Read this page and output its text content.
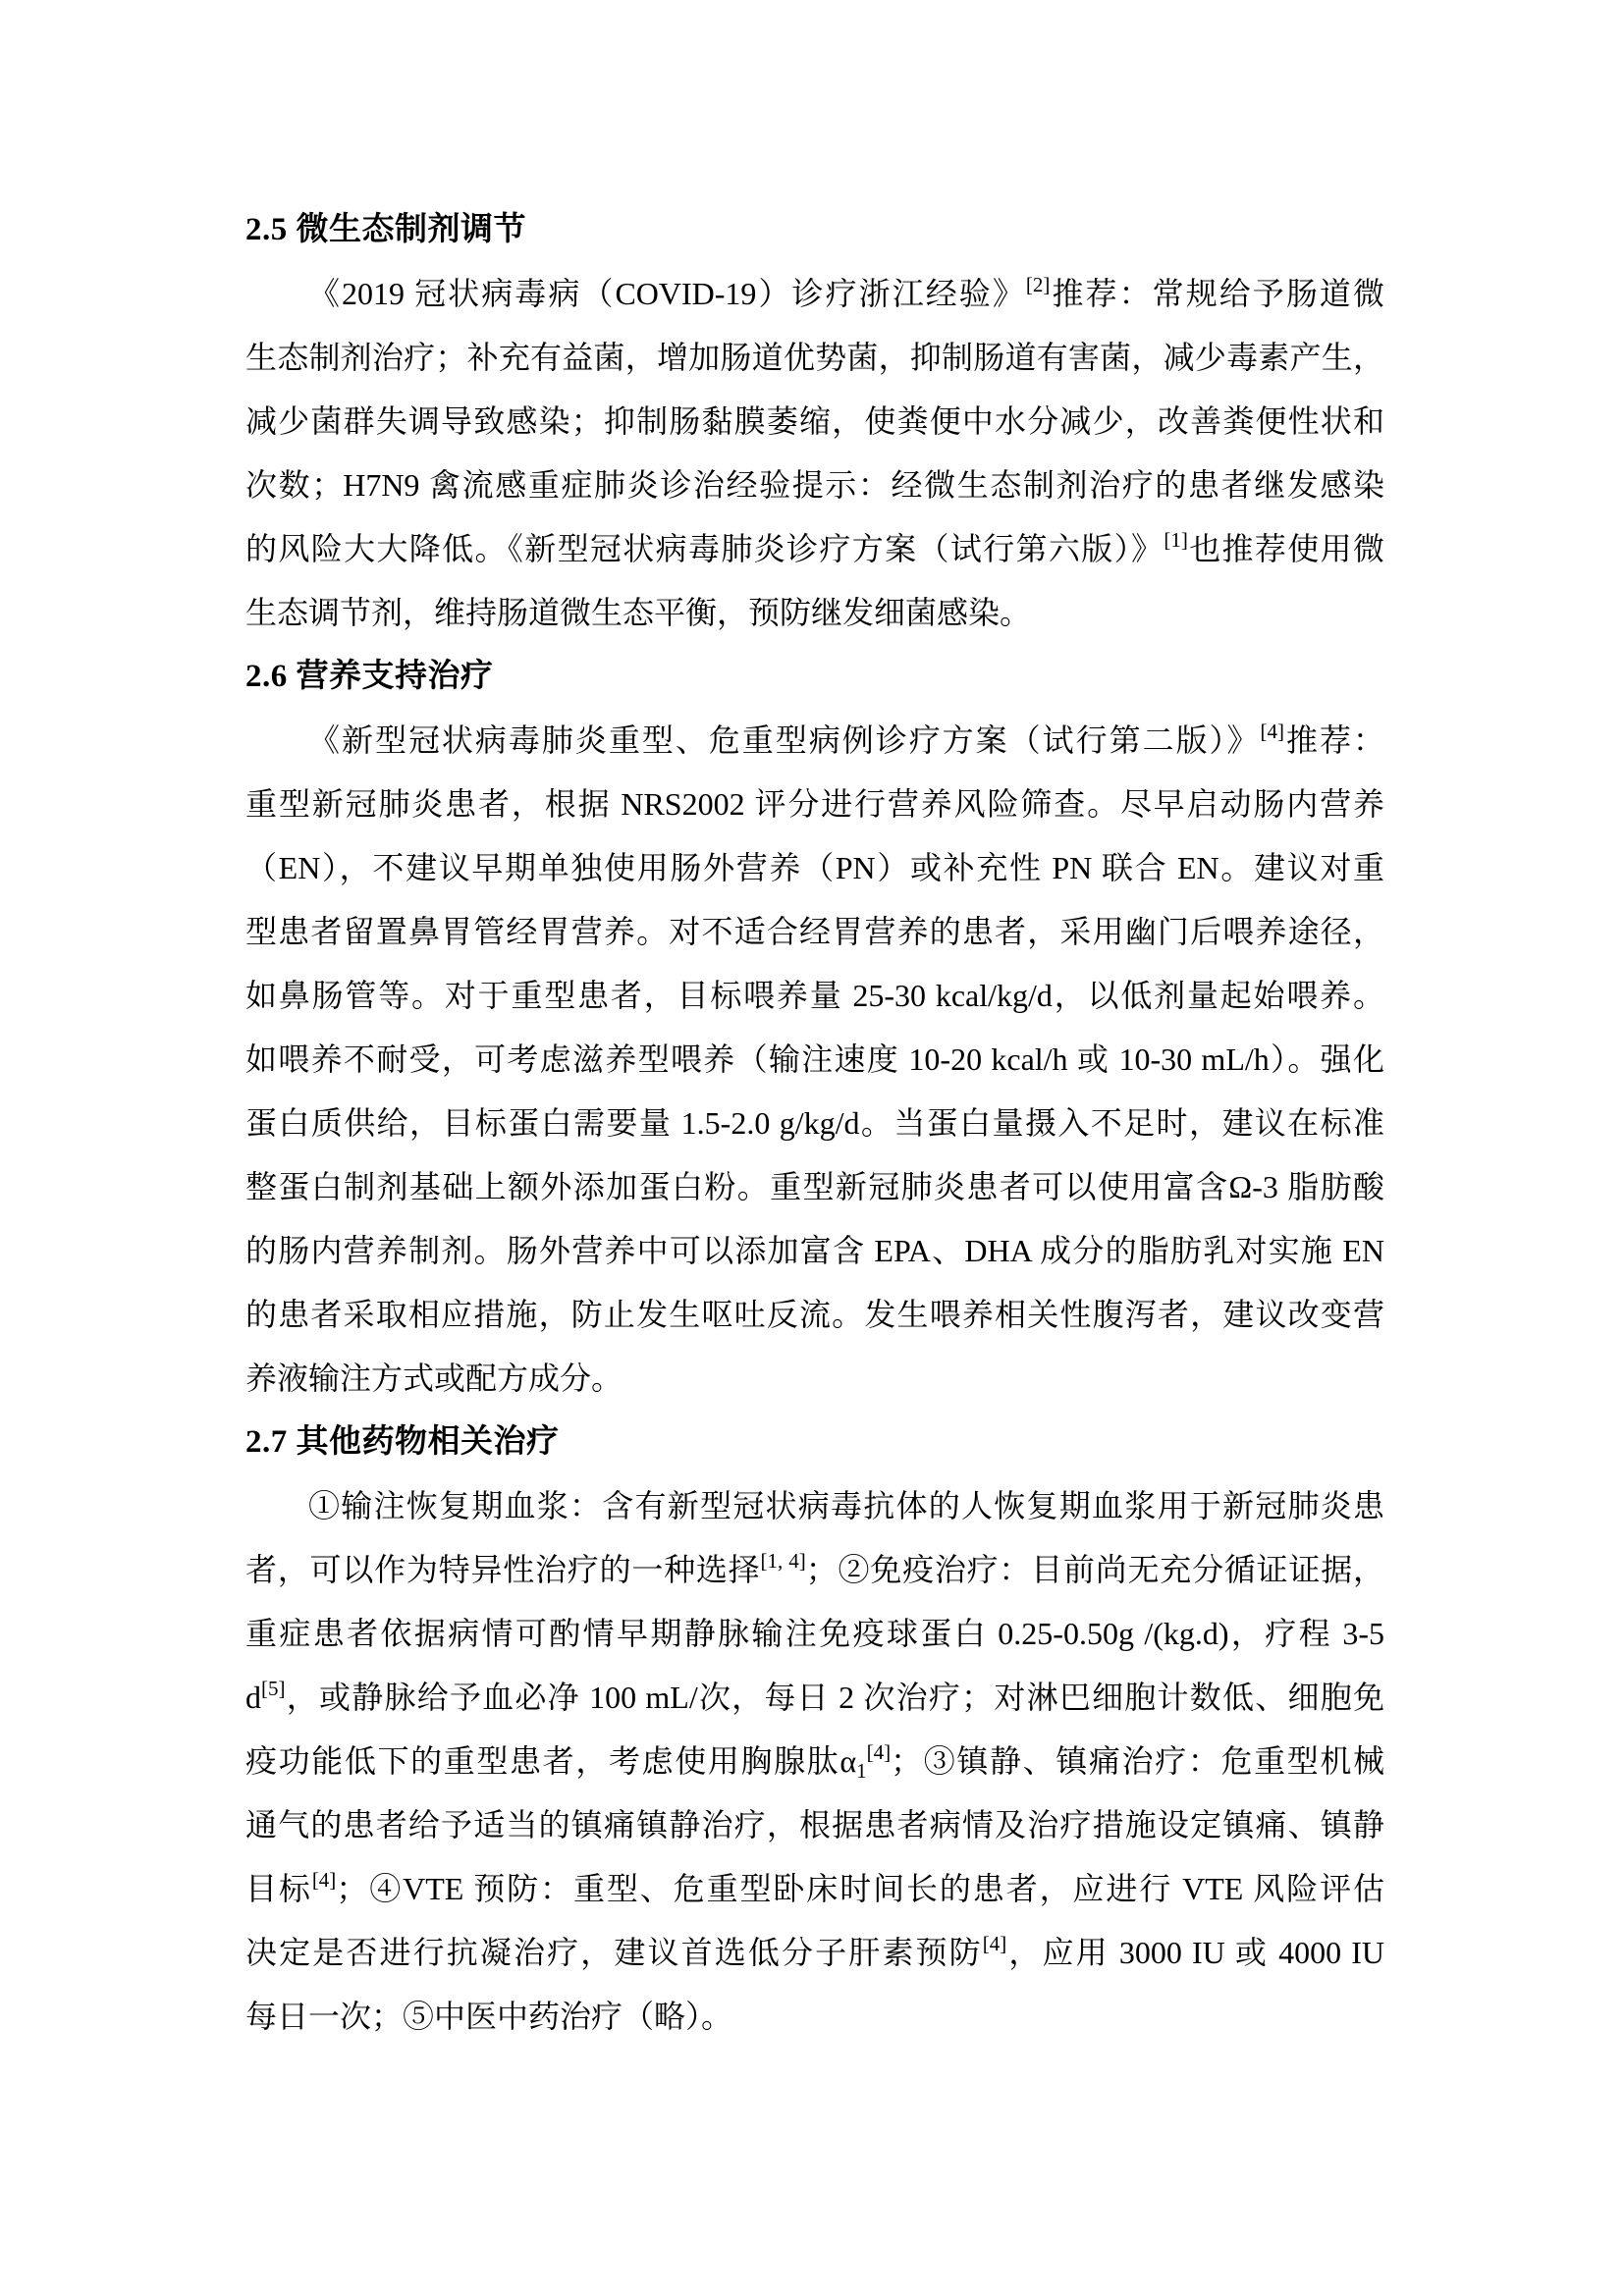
2.5 微生态制剂调节
《2019 冠状病毒病（COVID-19）诊疗浙江经验》[2]推荐：常规给予肠道微
生态制剂治疗；补充有益菌，增加肠道优势菌，抑制肠道有害菌，减少毒素产生，
减少菌群失调导致感染；抑制肠黏膜萎缩，使粪便中水分减少，改善粪便性状和
次数；H7N9 禽流感重症肺炎诊治经验提示：经微生态制剂治疗的患者继发感染
的风险大大降低。《新型冠状病毒肺炎诊疗方案（试行第六版）》[1]也推荐使用微
生态调节剂，维持肠道微生态平衡，预防继发细菌感染。
2.6 营养支持治疗
《新型冠状病毒肺炎重型、危重型病例诊疗方案（试行第二版）》[4]推荐：
重型新冠肺炎患者，根据 NRS2002 评分进行营养风险筛查。尽早启动肠内营养
（EN），不建议早期单独使用肠外营养（PN）或补充性 PN 联合 EN。建议对重
型患者留置鼻胃管经胃营养。对不适合经胃营养的患者，采用幽门后喂养途径，
如鼻肠管等。对于重型患者，目标喂养量 25-30 kcal/kg/d，以低剂量起始喂养。
如喂养不耐受，可考虑滋养型喂养（输注速度 10-20 kcal/h 或 10-30 mL/h）。强化
蛋白质供给，目标蛋白需要量 1.5-2.0 g/kg/d。当蛋白量摄入不足时，建议在标准
整蛋白制剂基础上额外添加蛋白粉。重型新冠肺炎患者可以使用富含Ω-3 脂肪酸
的肠内营养制剂。肠外营养中可以添加富含 EPA、DHA 成分的脂肪乳对实施 EN
的患者采取相应措施，防止发生呕吐反流。发生喂养相关性腹泻者，建议改变营
养液输注方式或配方成分。
2.7 其他药物相关治疗
①输注恢复期血浆：含有新型冠状病毒抗体的人恢复期血浆用于新冠肺炎患
者，可以作为特异性治疗的一种选择[1, 4]；②免疫治疗：目前尚无充分循证证据，
重症患者依据病情可酌情早期静脉输注免疫球蛋白 0.25-0.50g /(kg.d)，疗程 3-5
d[5]，或静脉给予血必净 100 mL/次，每日 2 次治疗；对淋巴细胞计数低、细胞免
疫功能低下的重型患者，考虑使用胸腺肽$\alpha_1[4]$；③镇静、镇痛治疗：危重型机械
通气的患者给予适当的镇痛镇静治疗，根据患者病情及治疗措施设定镇痛、镇静
目标[4]；④VTE 预防：重型、危重型卧床时间长的患者，应进行 VTE 风险评估
决定是否进行抗凝治疗，建议首选低分子肝素预防[4]，应用 3000 IU 或 4000 IU
每日一次；⑤中医中药治疗（略）。
